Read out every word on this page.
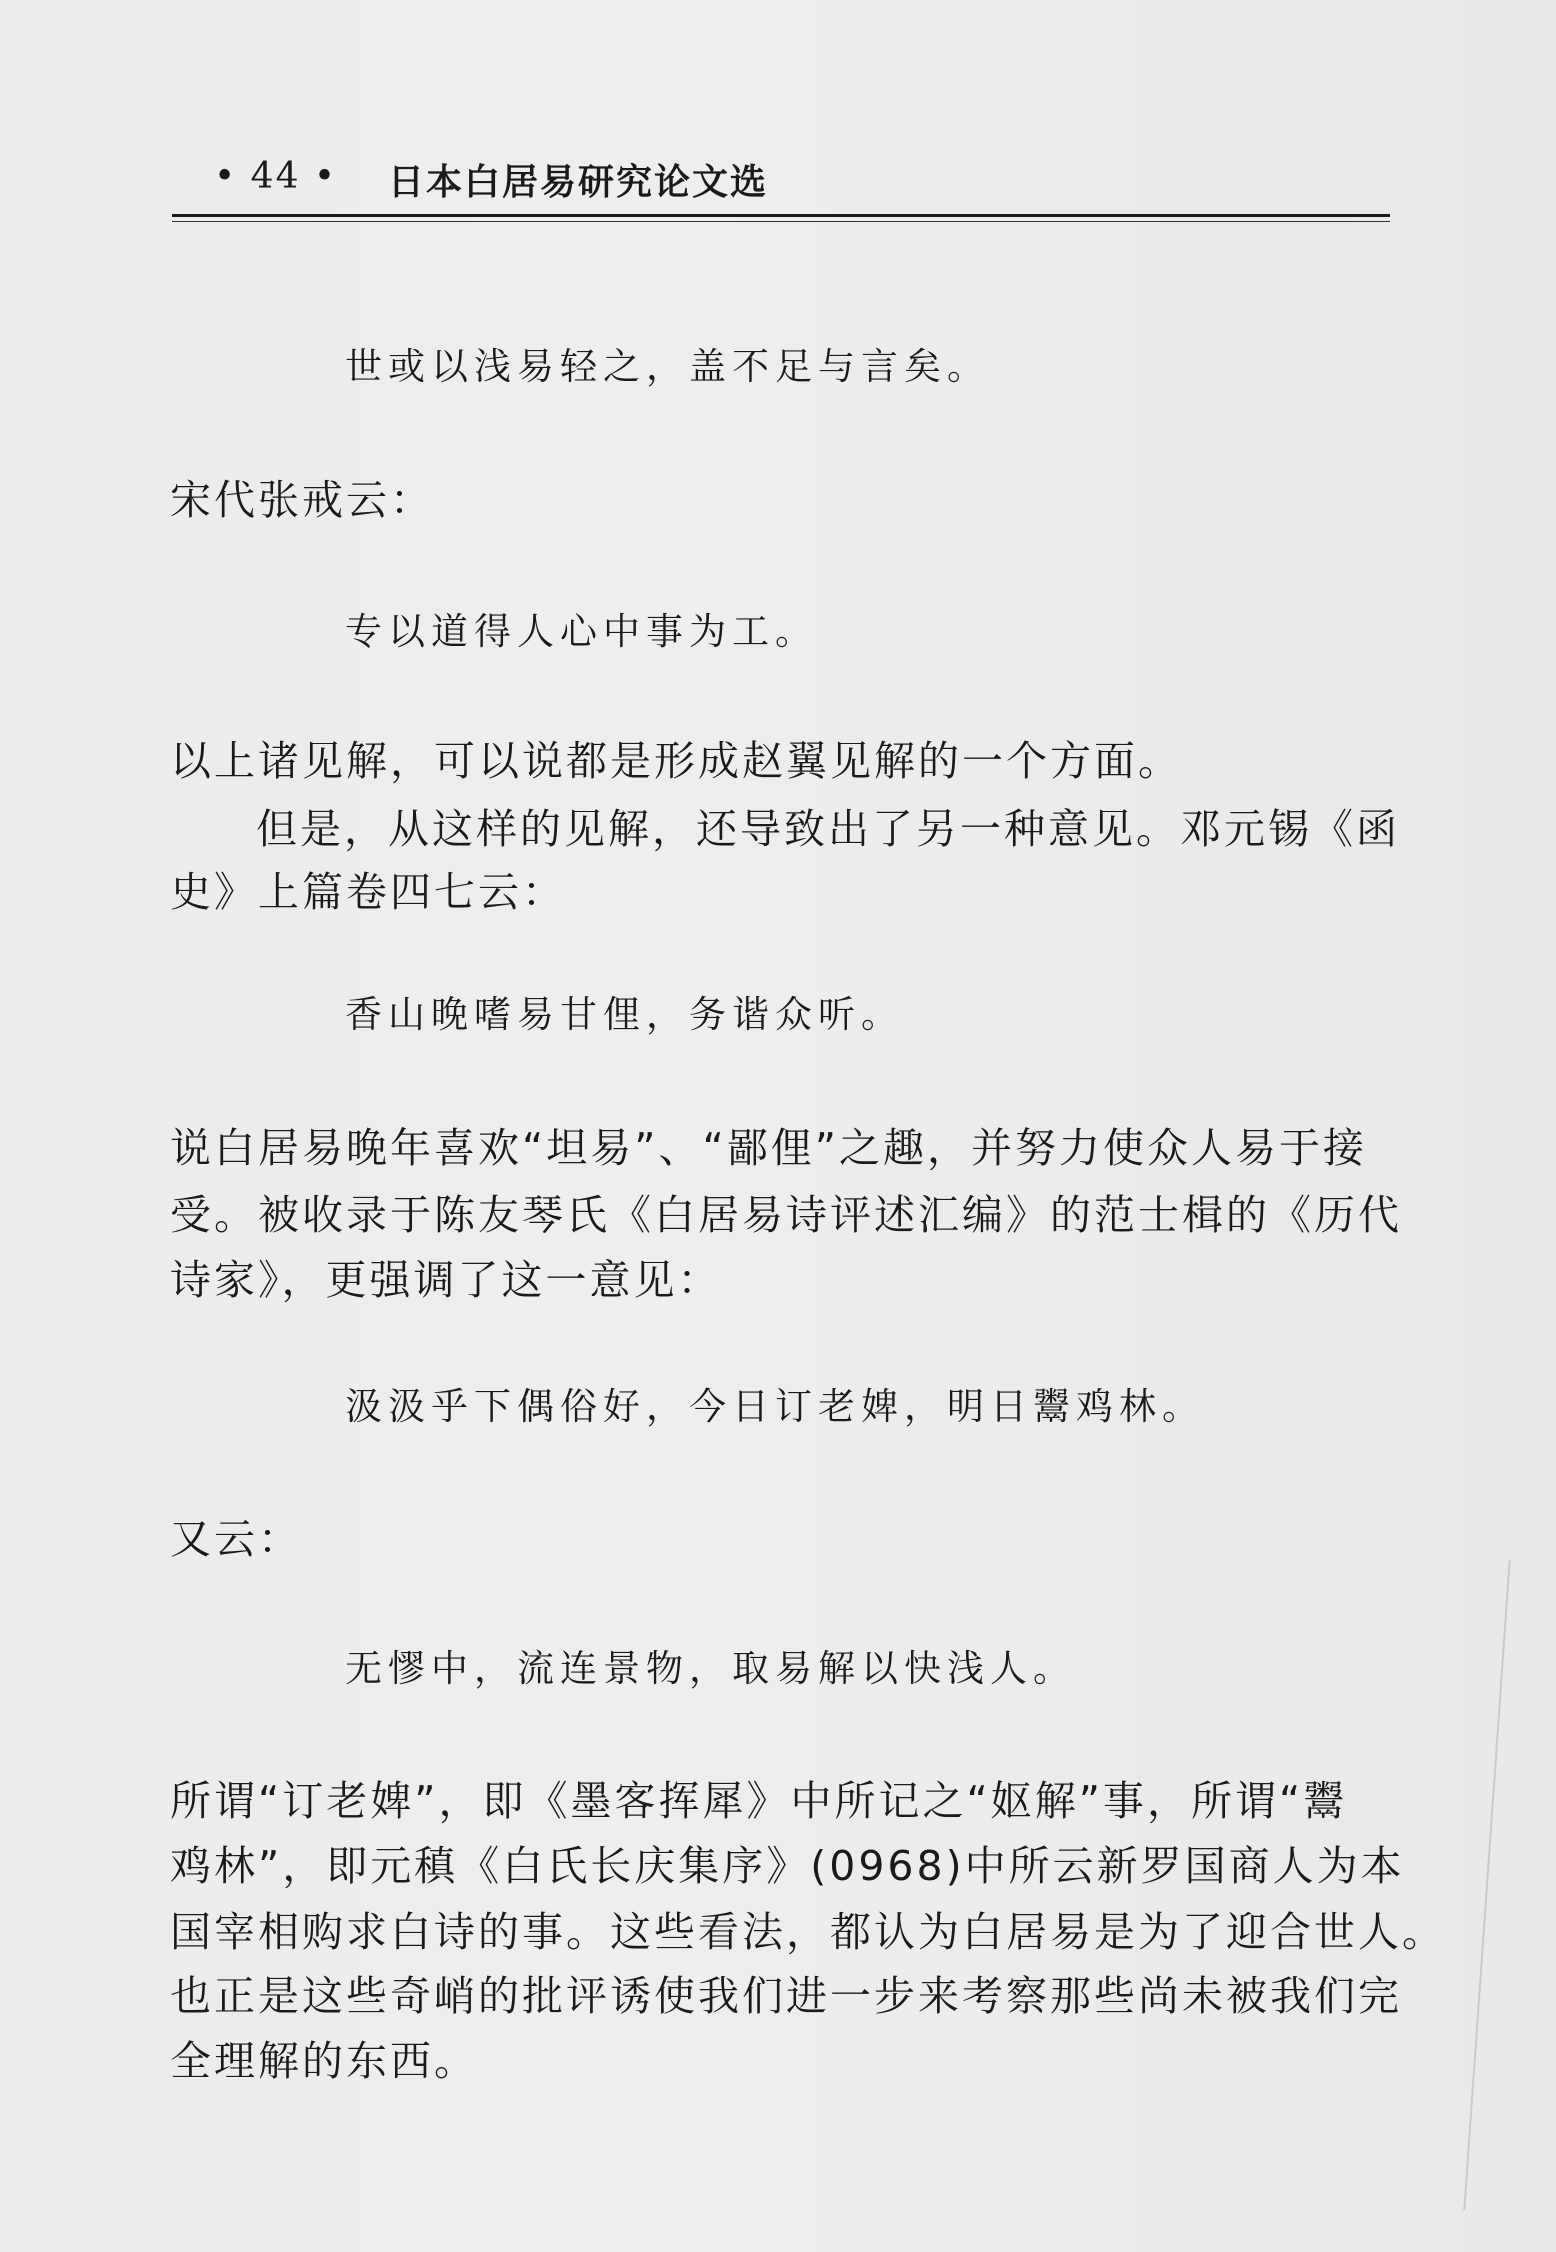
• 44 • 日本白居易研究论文选
世或以浅易轻之，盖不足与言矣。
宋代张戒云：
专以道得人心中事为工。
以上诸见解，可以说都是形成赵翼见解的一个方面。
但是，从这样的见解，还导致出了另一种意见。邓元锡《函
史》上篇卷四七云：
香山晚嗜易甘俚，务谐众听。
说白居易晚年喜欢“坦易”、“鄙俚”之趣，并努力使众人易于接
受。被收录于陈友琴氏《白居易诗评述汇编》的范士楫的《历代
诗家》，更强调了这一意见：
汲汲乎下偶俗好，今日订老婢，明日鬻鸡林。
又云：
无憀中，流连景物，取易解以快浅人。
所谓“订老婢”，即《墨客挥犀》中所记之“妪解”事，所谓“鬻
鸡林”，即元稹《白氏长庆集序》(0968)中所云新罗国商人为本
国宰相购求白诗的事。这些看法，都认为白居易是为了迎合世人。
也正是这些奇峭的批评诱使我们进一步来考察那些尚未被我们完
全理解的东西。
